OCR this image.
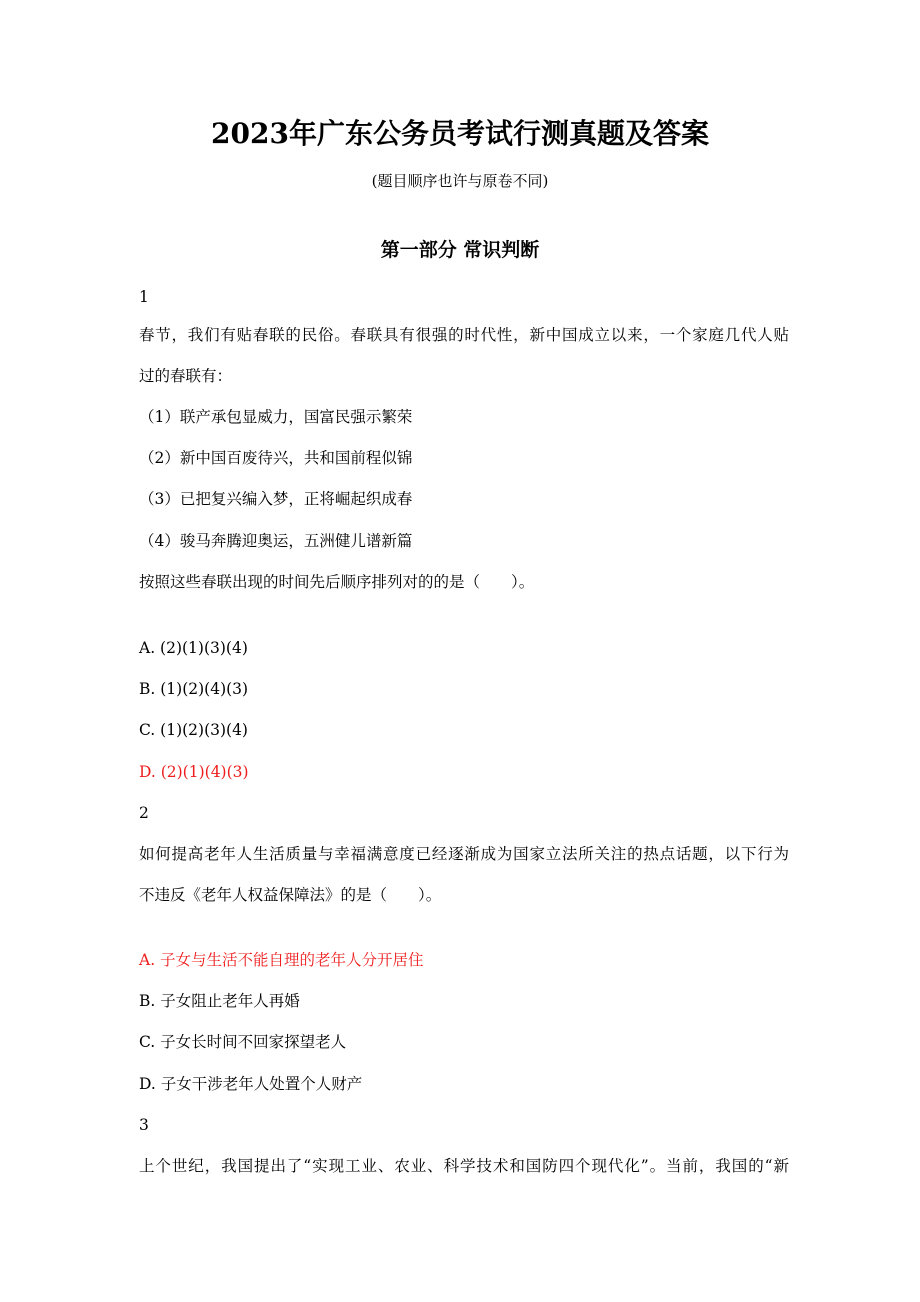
2023年广东公务员考试行测真题及答案
(题目顺序也许与原卷不同)
第一部分 常识判断
1
春节，我们有贴春联的民俗。春联具有很强的时代性，新中国成立以来，一个家庭几代人贴
过的春联有：
（1）联产承包显威力，国富民强示繁荣
（2）新中国百废待兴，共和国前程似锦
（3）已把复兴编入梦，正将崛起织成春
（4）骏马奔腾迎奥运，五洲健儿谱新篇
按照这些春联出现的时间先后顺序排列对的的是（　　）。
A. (2)(1)(3)(4)
B. (1)(2)(4)(3)
C. (1)(2)(3)(4)
D. (2)(1)(4)(3)
2
如何提高老年人生活质量与幸福满意度已经逐渐成为国家立法所关注的热点话题，以下行为
不违反《老年人权益保障法》的是（　　）。
A. 子女与生活不能自理的老年人分开居住
B. 子女阻止老年人再婚
C. 子女长时间不回家探望老人
D. 子女干涉老年人处置个人财产
3
上个世纪，我国提出了“实现工业、农业、科学技术和国防四个现代化”。当前，我国的“新
